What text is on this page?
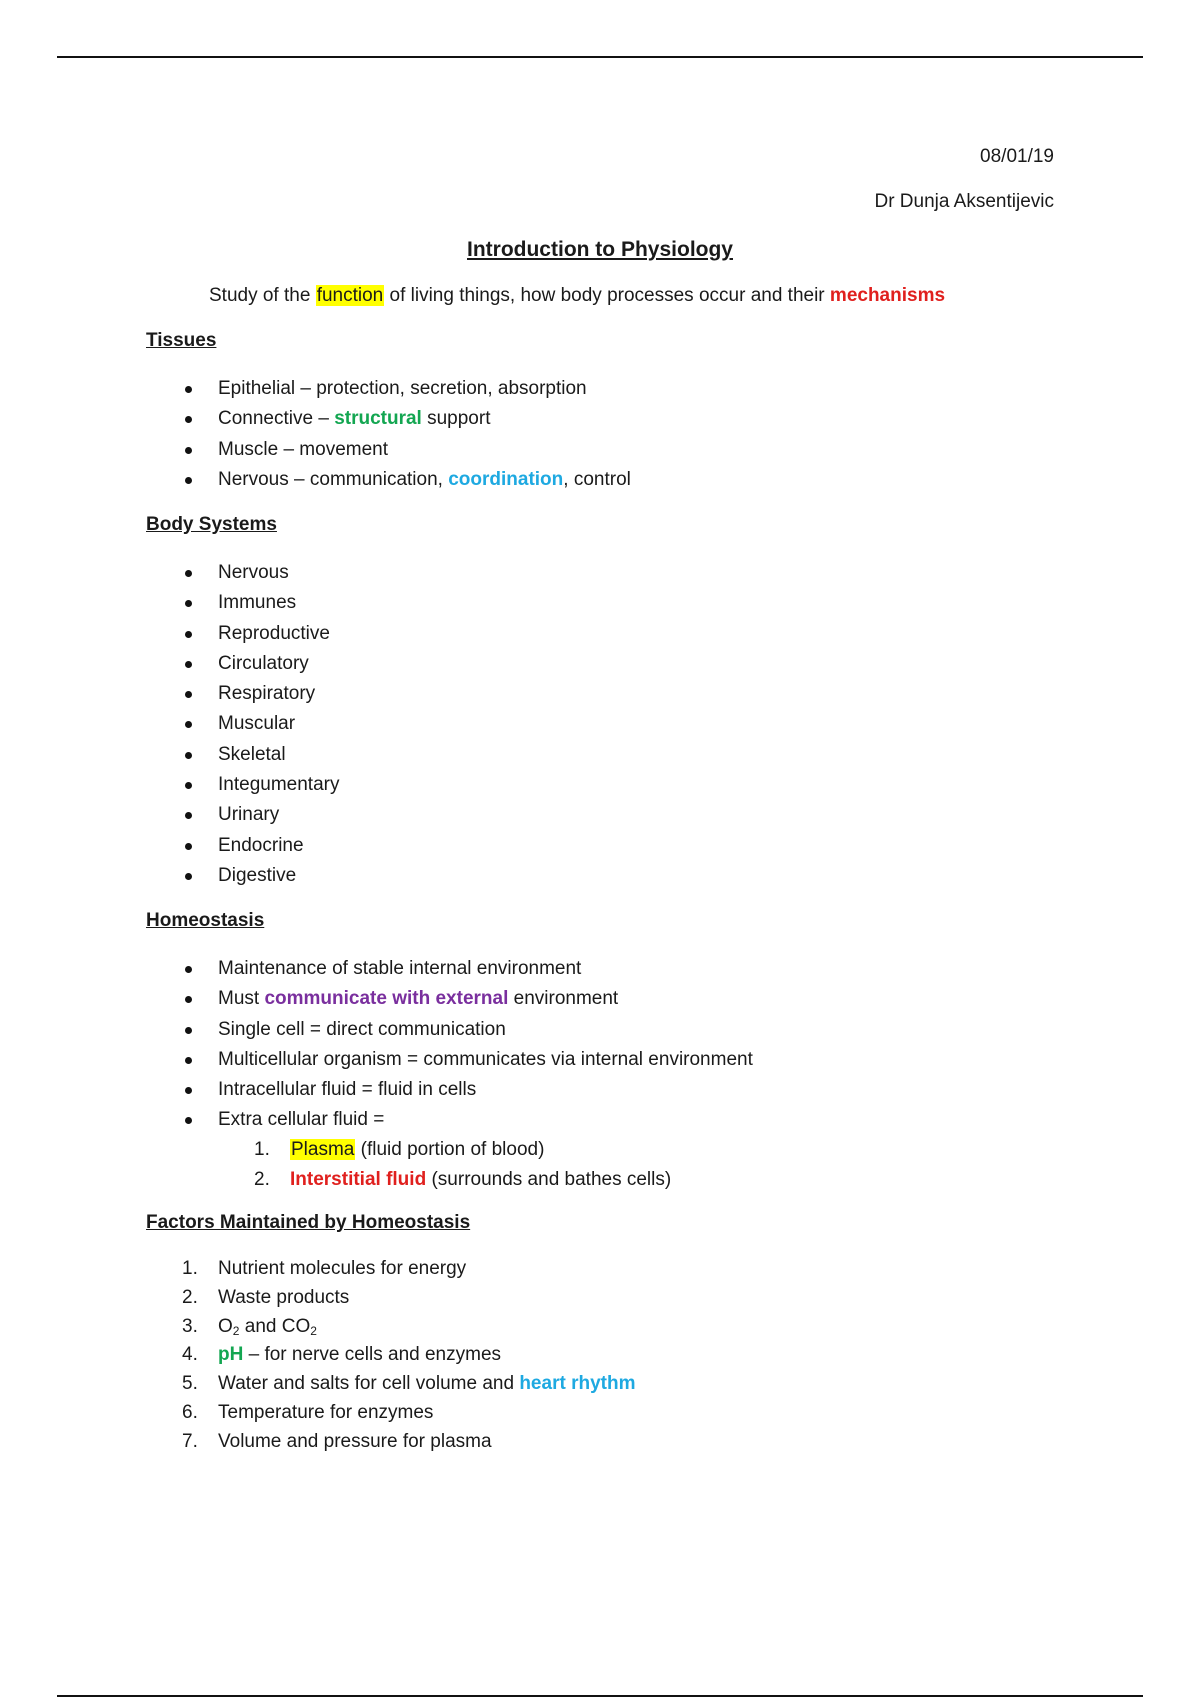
08/01/19
Dr Dunja Aksentijevic
Introduction to Physiology
Study of the function of living things, how body processes occur and their mechanisms
Tissues
Epithelial – protection, secretion, absorption
Connective – structural support
Muscle – movement
Nervous – communication, coordination, control
Body Systems
Nervous
Immunes
Reproductive
Circulatory
Respiratory
Muscular
Skeletal
Integumentary
Urinary
Endocrine
Digestive
Homeostasis
Maintenance of stable internal environment
Must communicate with external environment
Single cell = direct communication
Multicellular organism = communicates via internal environment
Intracellular fluid = fluid in cells
Extra cellular fluid =
1.	Plasma (fluid portion of blood)
2.	Interstitial fluid (surrounds and bathes cells)
Factors Maintained by Homeostasis
1.	Nutrient molecules for energy
2.	Waste products
3.	$O_2$ and $CO_2$
4.	pH – for nerve cells and enzymes
5.	Water and salts for cell volume and heart rhythm
6.	Temperature for enzymes
7.	Volume and pressure for plasma
